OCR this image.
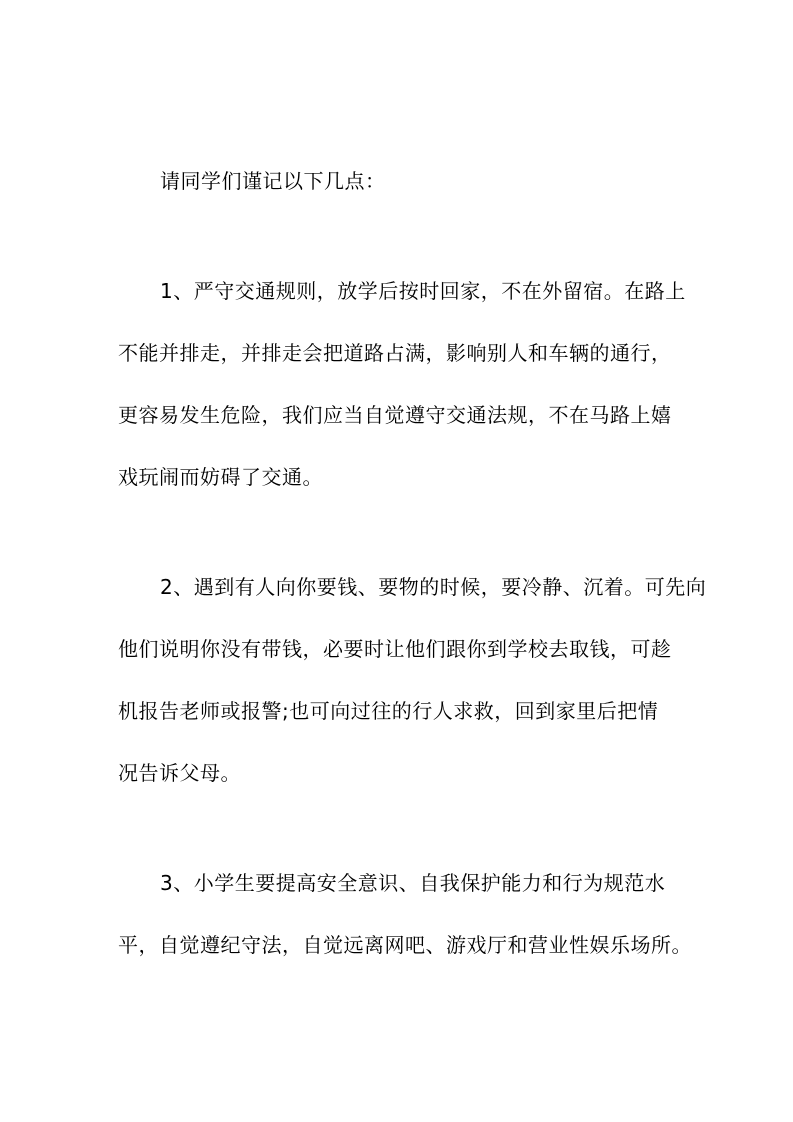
请同学们谨记以下几点：
1、严守交通规则，放学后按时回家，不在外留宿。在路上
不能并排走，并排走会把道路占满，影响别人和车辆的通行，
更容易发生危险，我们应当自觉遵守交通法规，不在马路上嬉
戏玩闹而妨碍了交通。
2、遇到有人向你要钱、要物的时候，要冷静、沉着。可先向
他们说明你没有带钱，必要时让他们跟你到学校去取钱，可趁
机报告老师或报警;也可向过往的行人求救，回到家里后把情
况告诉父母。
3、小学生要提高安全意识、自我保护能力和行为规范水
平，自觉遵纪守法，自觉远离网吧、游戏厅和营业性娱乐场所。
